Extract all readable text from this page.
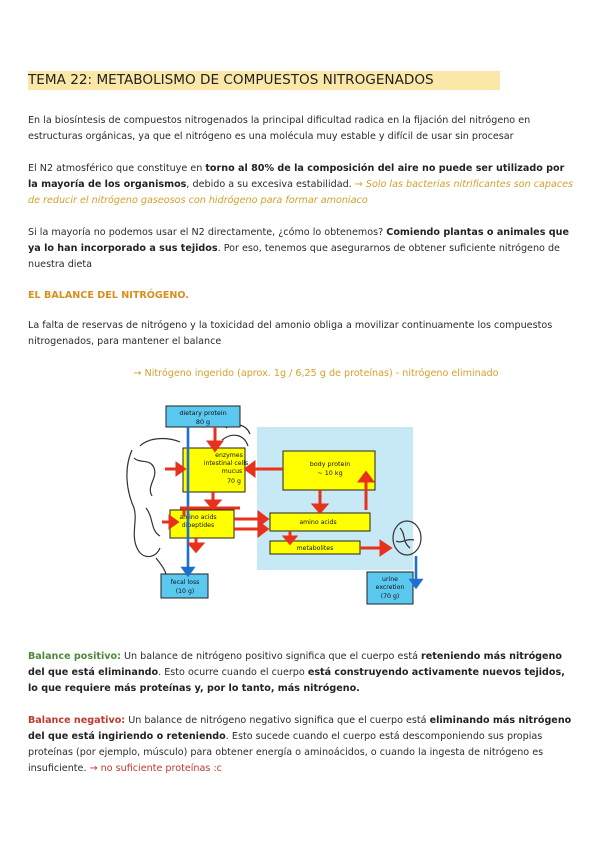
TEMA 22: METABOLISMO DE COMPUESTOS NITROGENADOS
En la biosíntesis de compuestos nitrogenados la principal dificultad radica en la fijación del nitrógeno en estructuras orgánicas, ya que el nitrógeno es una molécula muy estable y difícil de usar sin procesar
El N2 atmosférico que constituye en torno al 80% de la composición del aire no puede ser utilizado por la mayoría de los organismos, debido a su excesiva estabilidad. → Solo las bacterias nitrificantes son capaces de reducir el nitrógeno gaseosos con hidrógeno para formar amoniaco
Si la mayoría no podemos usar el N2 directamente, ¿cómo lo obtenemos? Comiendo plantas o animales que ya lo han incorporado a sus tejidos. Por eso, tenemos que asegurarnos de obtener suficiente nitrógeno de nuestra dieta
EL BALANCE DEL NITRÓGENO.
La falta de reservas de nitrógeno y la toxicidad del amonio obliga a movilizar continuamente los compuestos nitrogenados, para mantener el balance
→ Nitrógeno ingerido (aprox. 1g / 6,25 g de proteínas) - nitrógeno eliminado
dietary protein
80 g
enzymes
intestinal cells
mucus
70 g
body protein
~ 10 kg
amino acids
dipeptides	amino acids
metabolites
fecal loss
(10 g)
urine
excretion
(70 g)
Balance positivo: Un balance de nitrógeno positivo significa que el cuerpo está reteniendo más nitrógeno del que está eliminando. Esto ocurre cuando el cuerpo está construyendo activamente nuevos tejidos, lo que requiere más proteínas y, por lo tanto, más nitrógeno.
Balance negativo: Un balance de nitrógeno negativo significa que el cuerpo está eliminando más nitrógeno del que está ingiriendo o reteniendo. Esto sucede cuando el cuerpo está descomponiendo sus propias proteínas (por ejemplo, músculo) para obtener energía o aminoácidos, o cuando la ingesta de nitrógeno es insuficiente. → no suficiente proteínas :c
